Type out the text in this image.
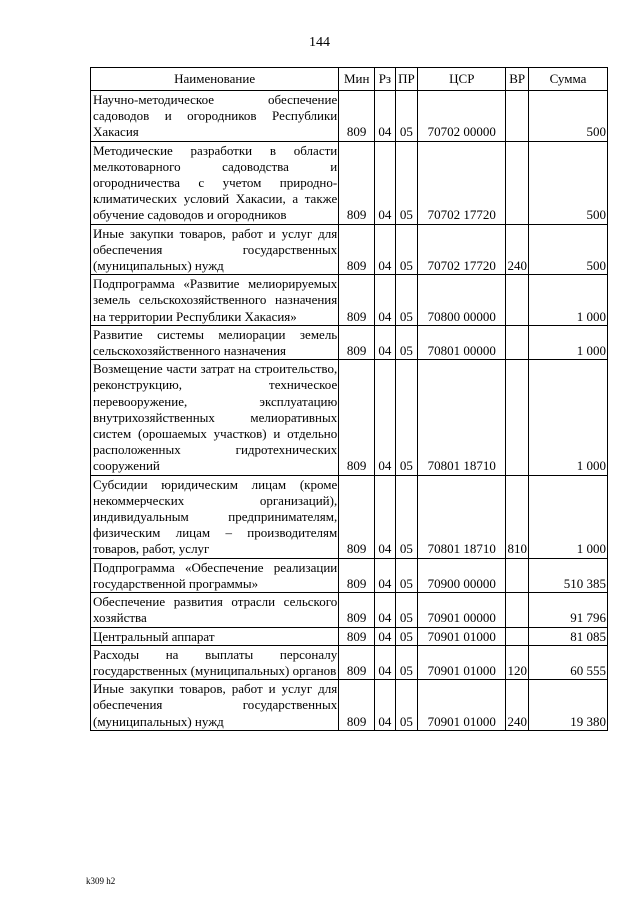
144
Наименование	Мин	Рз	ПР	ЦСР	ВР	Сумма
Научно-методическое обеспечение садоводов и огородников Республики Хакасия	809	04	05	70702 00000		500
Методические разработки в области мелкотоварного садоводства и огородничества с учетом природно-климатических условий Хакасии, а также обучение садоводов и огородников	809	04	05	70702 17720		500
Иные закупки товаров, работ и услуг для обеспечения государственных (муниципальных) нужд	809	04	05	70702 17720	240	500
Подпрограмма «Развитие мелиорируемых земель сельскохозяйственного назначения на территории Республики Хакасия»	809	04	05	70800 00000		1 000
Развитие системы мелиорации земель сельскохозяйственного назначения	809	04	05	70801 00000		1 000
Возмещение части затрат на строительство, реконструкцию, техническое перевооружение, эксплуатацию внутрихозяйственных мелиоративных систем (орошаемых участков) и отдельно расположенных гидротехнических сооружений	809	04	05	70801 18710		1 000
Субсидии юридическим лицам (кроме некоммерческих организаций), индивидуальным предпринимателям, физическим лицам – производителям товаров, работ, услуг	809	04	05	70801 18710	810	1 000
Подпрограмма «Обеспечение реализации государственной программы»	809	04	05	70900 00000		510 385
Обеспечение развития отрасли сельского хозяйства	809	04	05	70901 00000		91 796
Центральный аппарат	809	04	05	70901 01000		81 085
Расходы на выплаты персоналу государственных (муниципальных) органов	809	04	05	70901 01000	120	60 555
Иные закупки товаров, работ и услуг для обеспечения государственных (муниципальных) нужд	809	04	05	70901 01000	240	19 380
k309 h2
